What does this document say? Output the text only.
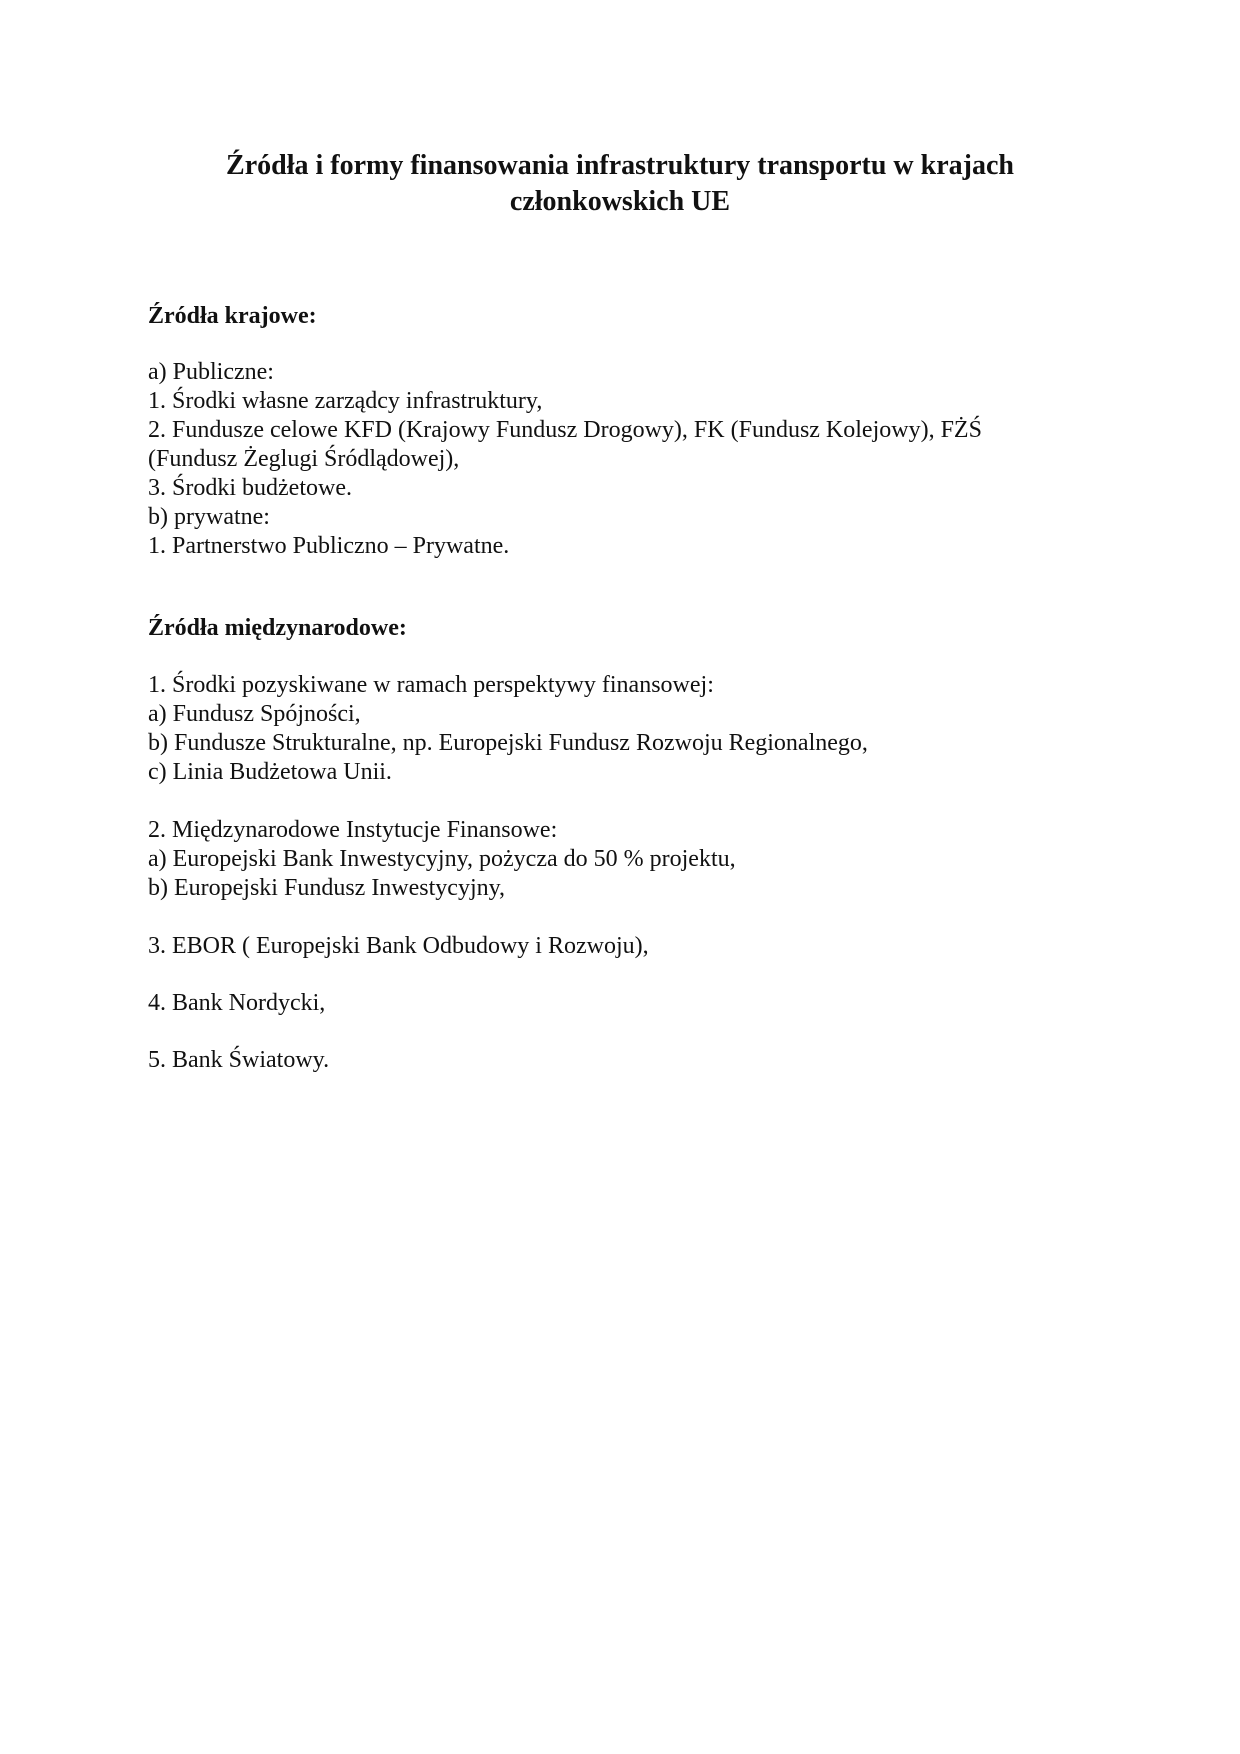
Źródła i formy finansowania infrastruktury transportu w krajach
członkowskich UE
Źródła krajowe:
a) Publiczne:
1. Środki własne zarządcy infrastruktury,
2. Fundusze celowe KFD (Krajowy Fundusz Drogowy), FK (Fundusz Kolejowy), FŻŚ
(Fundusz Żeglugi Śródlądowej),
3. Środki budżetowe.
b) prywatne:
1. Partnerstwo Publiczno – Prywatne.
Źródła międzynarodowe:
1. Środki pozyskiwane w ramach perspektywy finansowej:
a) Fundusz Spójności,
b) Fundusze Strukturalne, np. Europejski Fundusz Rozwoju Regionalnego,
c) Linia Budżetowa Unii.
2. Międzynarodowe Instytucje Finansowe:
a) Europejski Bank Inwestycyjny, pożycza do 50 % projektu,
b) Europejski Fundusz Inwestycyjny,
3. EBOR ( Europejski Bank Odbudowy i Rozwoju),
4. Bank Nordycki,
5. Bank Światowy.
